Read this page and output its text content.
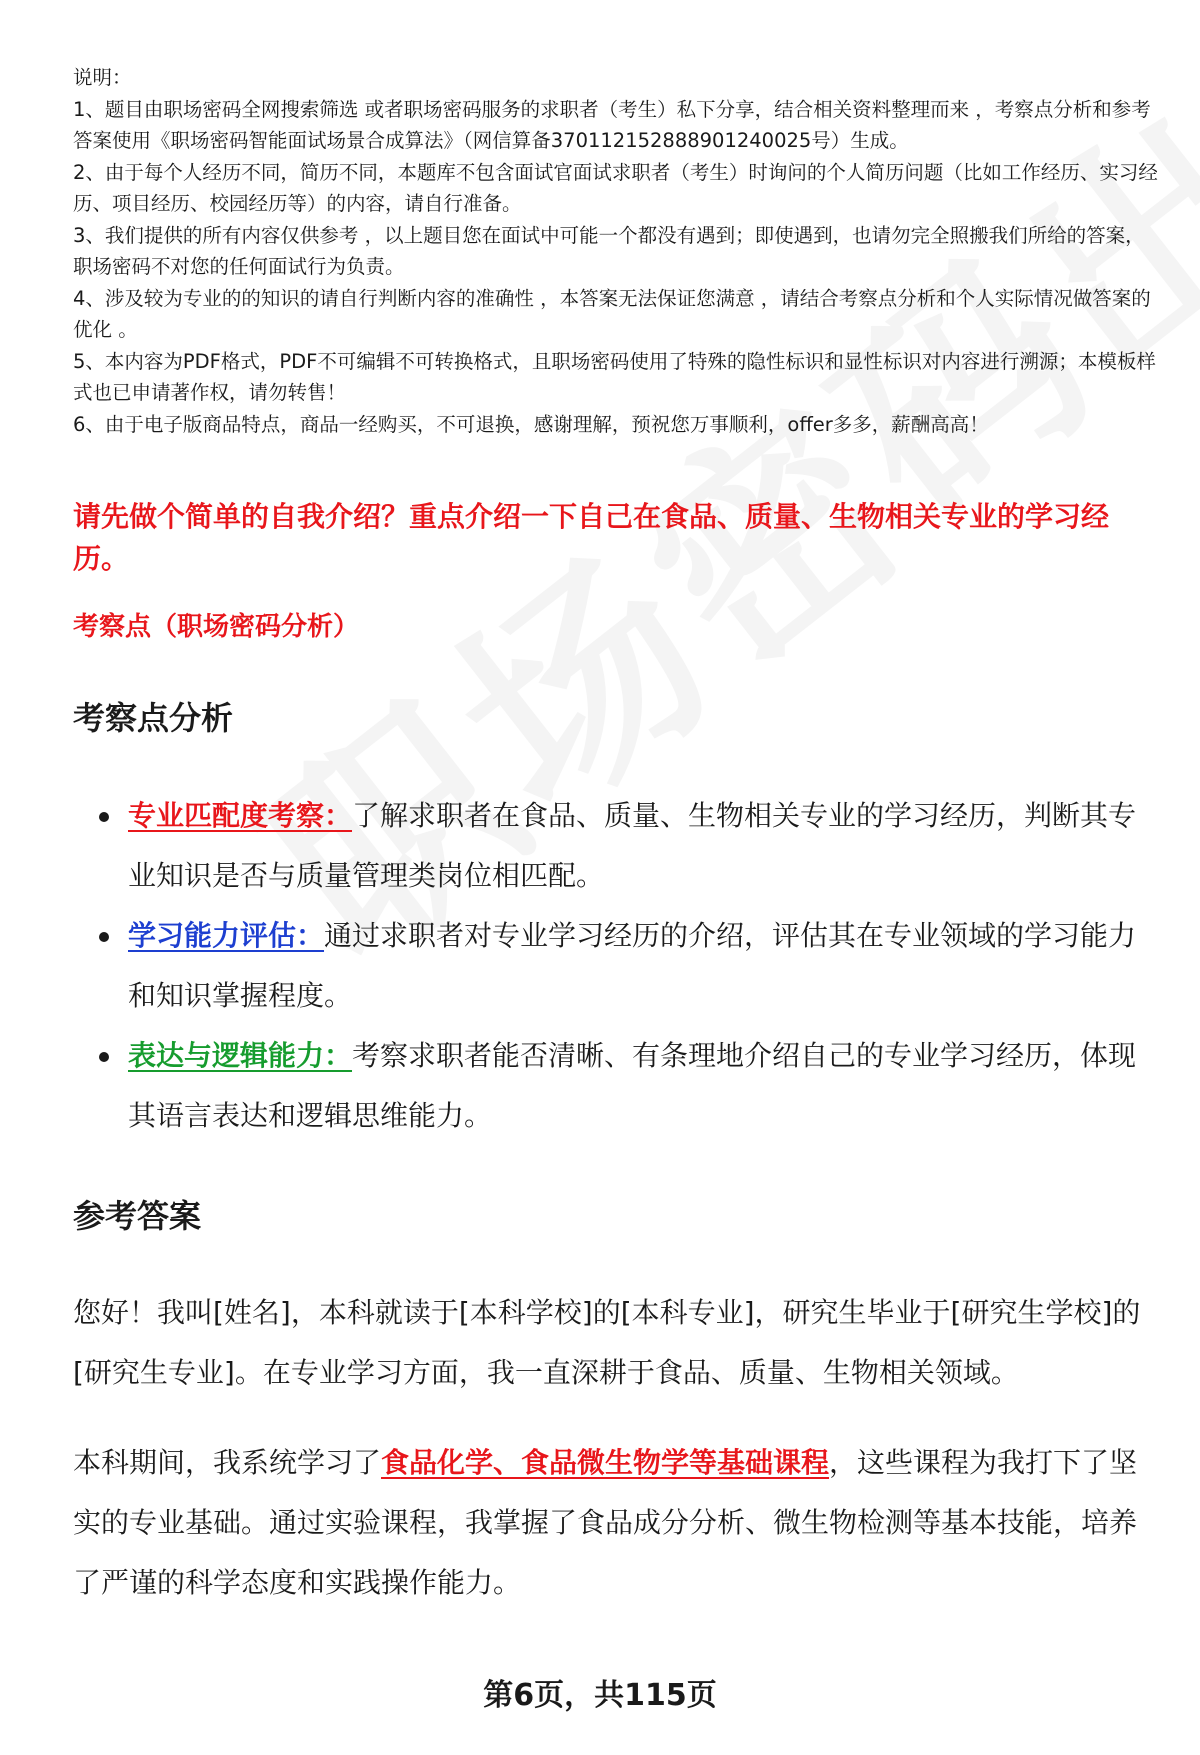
说明：

1、题目由职场密码全网搜索筛选 或者职场密码服务的求职者（考生）私下分享，结合相关资料整理而来 ，考察点分析和参考答案使用《职场密码智能面试场景合成算法》（网信算备370112152888901240025号）生成。

2、由于每个人经历不同，简历不同，本题库不包含面试官面试求职者（考生）时询问的个人简历问题（比如工作经历、实习经历、项目经历、校园经历等）的内容，请自行准备。

3、我们提供的所有内容仅供参考 ，以上题目您在面试中可能一个都没有遇到；即使遇到，也请勿完全照搬我们所给的答案，职场密码不对您的任何面试行为负责。

4、涉及较为专业的的知识的请自行判断内容的准确性 ，本答案无法保证您满意 ，请结合考察点分析和个人实际情况做答案的优化 。

5、本内容为PDF格式，PDF不可编辑不可转换格式，且职场密码使用了特殊的隐性标识和显性标识对内容进行溯源；本模板样式也已申请著作权，请勿转售！

6、由于电子版商品特点，商品一经购买，不可退换，感谢理解，预祝您万事顺利，offer多多，薪酬高高！

请先做个简单的自我介绍？重点介绍一下自己在食品、质量、生物相关专业的学习经历。
考察点（职场密码分析）
考察点分析
专业匹配度考察：了解求职者在食品、质量、生物相关专业的学习经历，判断其专业知识是否与质量管理类岗位相匹配。
学习能力评估：通过求职者对专业学习经历的介绍，评估其在专业领域的学习能力和知识掌握程度。
表达与逻辑能力：考察求职者能否清晰、有条理地介绍自己的专业学习经历，体现其语言表达和逻辑思维能力。
参考答案

您好！我叫[姓名]，本科就读于[本科学校]的[本科专业]，研究生毕业于[研究生学校]的[研究生专业]。在专业学习方面，我一直深耕于食品、质量、生物相关领域。

本科期间，我系统学习了食品化学、食品微生物学等基础课程，这些课程为我打下了坚实的专业基础。通过实验课程，我掌握了食品成分分析、微生物检测等基本技能，培养了严谨的科学态度和实践操作能力。

第6页，共115页
